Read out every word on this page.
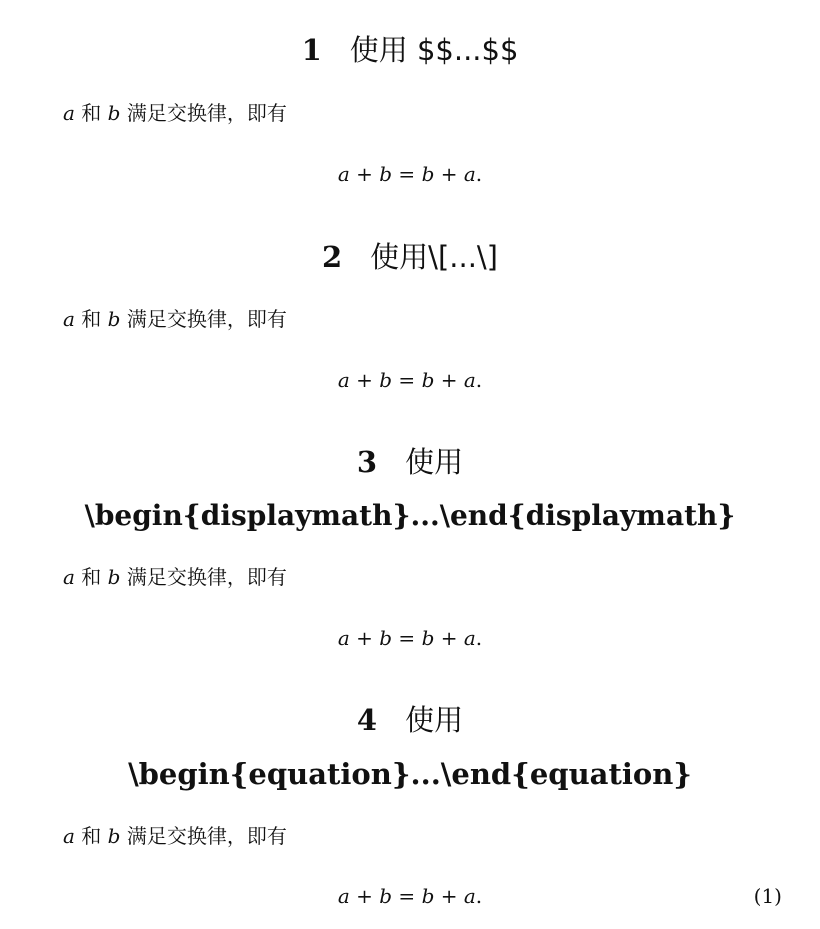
1 使用 $$...$$
a 和 b 满足交换律，即有
a + b = b + a.
2 使用\[...\]
a 和 b 满足交换律，即有
a + b = b + a.
3 使用
\begin{displaymath}...\end{displaymath}
a 和 b 满足交换律，即有
a + b = b + a.
4 使用
\begin{equation}...\end{equation}
a 和 b 满足交换律，即有
a + b = b + a.	(1)
